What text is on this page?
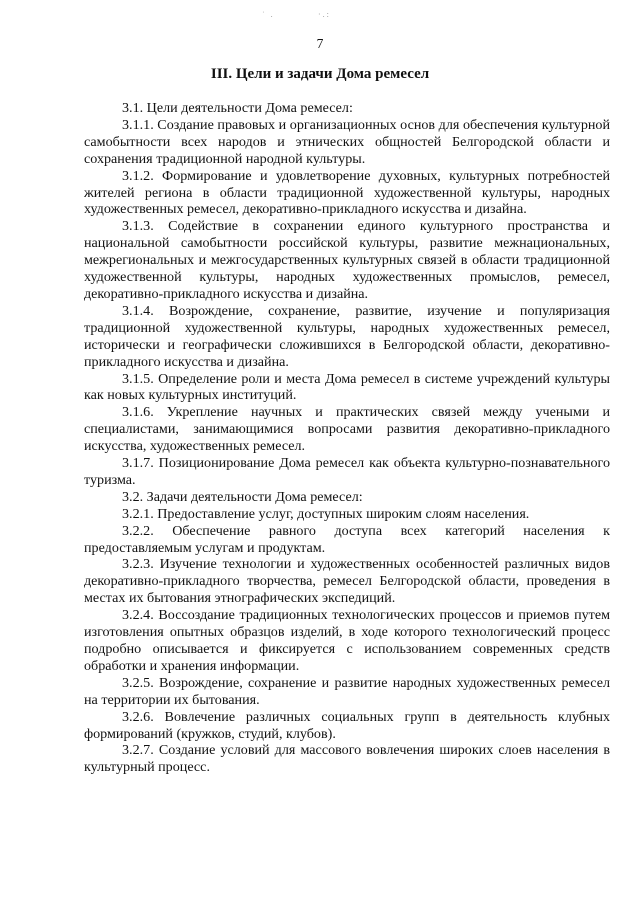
˙ .	·.:
7
III. Цели и задачи Дома ремесел

3.1. Цели деятельности Дома ремесел:

3.1.1. Создание правовых и организационных основ для обеспечения культурной самобытности всех народов и этнических общностей Белгородской области и сохранения традиционной народной культуры.

3.1.2. Формирование и удовлетворение духовных, культурных потребностей жителей региона в области традиционной художественной культуры, народных художественных ремесел, декоративно-прикладного искусства и дизайна.

3.1.3. Содействие в сохранении единого культурного пространства и национальной самобытности российской культуры, развитие межнациональных, межрегиональных и межгосударственных культурных связей в области традиционной художественной культуры, народных художественных промыслов, ремесел, декоративно-прикладного искусства и дизайна.

3.1.4. Возрождение, сохранение, развитие, изучение и популяризация традиционной художественной культуры, народных художественных ремесел, исторически и географически сложившихся в Белгородской области, декоративно-прикладного искусства и дизайна.

3.1.5. Определение роли и места Дома ремесел в системе учреждений культуры как новых культурных институций.

3.1.6. Укрепление научных и практических связей между учеными и специалистами, занимающимися вопросами развития декоративно-прикладного искусства, художественных ремесел.

3.1.7. Позиционирование Дома ремесел как объекта культурно-познавательного туризма.

3.2. Задачи деятельности Дома ремесел:

3.2.1. Предоставление услуг, доступных широким слоям населения.

3.2.2. Обеспечение равного доступа всех категорий населения к предоставляемым услугам и продуктам.

3.2.3. Изучение технологии и художественных особенностей различных видов декоративно-прикладного творчества, ремесел Белгородской области, проведения в местах их бытования этнографических экспедиций.

3.2.4. Воссоздание традиционных технологических процессов и приемов путем изготовления опытных образцов изделий, в ходе которого технологический процесс подробно описывается и фиксируется с использованием современных средств обработки и хранения информации.

3.2.5. Возрождение, сохранение и развитие народных художественных ремесел на территории их бытования.

3.2.6. Вовлечение различных социальных групп в деятельность клубных формирований (кружков, студий, клубов).

3.2.7. Создание условий для массового вовлечения широких слоев населения в культурный процесс.
